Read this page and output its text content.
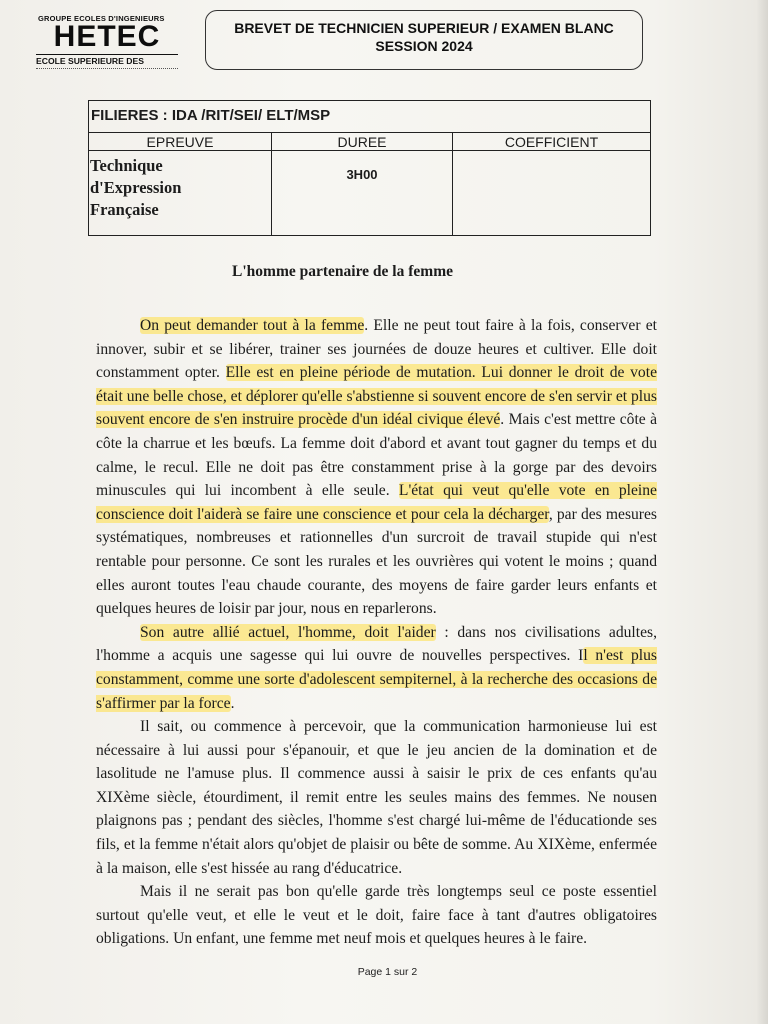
GROUPE ECOLES D'INGENIEURS
HETEC
ECOLE SUPERIEURE DES
BREVET DE TECHNICIEN SUPERIEUR / EXAMEN BLANC
SESSION 2024
FILIERES : IDA /RIT/SEI/ ELT/MSP
EPREUVE	DUREE	COEFFICIENT
Technique
d'Expression
Française
3H00
L'homme partenaire de la femme

On peut demander tout à la femme. Elle ne peut tout faire à la fois, conserver et innover, subir et se libérer, trainer ses journées de douze heures et cultiver. Elle doit constamment opter. Elle est en pleine période de mutation. Lui donner le droit de vote était une belle chose, et déplorer qu'elle s'abstienne si souvent encore de s'en servir et plus souvent encore de s'en instruire procède d'un idéal civique élevé. Mais c'est mettre côte à côte la charrue et les bœufs. La femme doit d'abord et avant tout gagner du temps et du calme, le recul. Elle ne doit pas être constamment prise à la gorge par des devoirs minuscules qui lui incombent à elle seule. L'état qui veut qu'elle vote en pleine conscience doit l'aiderà se faire une conscience et pour cela la décharger, par des mesures systématiques, nombreuses et rationnelles d'un surcroit de travail stupide qui n'est rentable pour personne. Ce sont les rurales et les ouvrières qui votent le moins ; quand elles auront toutes l'eau chaude courante, des moyens de faire garder leurs enfants et quelques heures de loisir par jour, nous en reparlerons.

Son autre allié actuel, l'homme, doit l'aider : dans nos civilisations adultes, l'homme a acquis une sagesse qui lui ouvre de nouvelles perspectives. Il n'est plus constamment, comme une sorte d'adolescent sempiternel, à la recherche des occasions de s'affirmer par la force.

Il sait, ou commence à percevoir, que la communication harmonieuse lui est nécessaire à lui aussi pour s'épanouir, et que le jeu ancien de la domination et de lasolitude ne l'amuse plus. Il commence aussi à saisir le prix de ces enfants qu'au XIXème siècle, étourdiment, il remit entre les seules mains des femmes. Ne nousen plaignons pas ; pendant des siècles, l'homme s'est chargé lui-même de l'éducationde ses fils, et la femme n'était alors qu'objet de plaisir ou bête de somme. Au XIXème, enfermée à la maison, elle s'est hissée au rang d'éducatrice.

Mais il ne serait pas bon qu'elle garde très longtemps seul ce poste essentiel surtout qu'elle veut, et elle le veut et le doit, faire face à tant d'autres obligatoires obligations. Un enfant, une femme met neuf mois et quelques heures à le faire.

Page 1 sur 2
